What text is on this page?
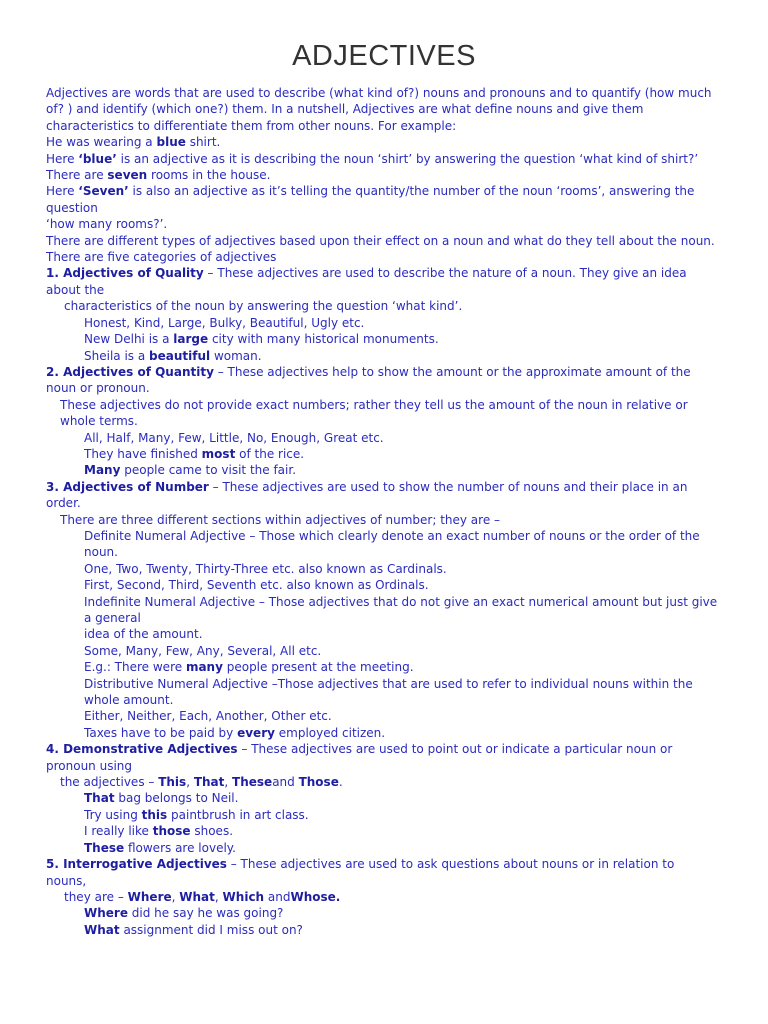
ADJECTIVES

Adjectives are words that are used to describe (what kind of?) nouns and pronouns and to quantify (how much of? ) and identify (which one?) them. In a nutshell, Adjectives are what define nouns and give them characteristics to differentiate them from other nouns. For example:

He was wearing a blue shirt.

Here ‘blue’ is an adjective as it is describing the noun ‘shirt’ by answering the question ‘what kind of shirt?’

There are seven rooms in the house.

Here ‘Seven’ is also an adjective as it’s telling the quantity/the number of the noun ‘rooms’, answering the question

‘how many rooms?’.

There are different types of adjectives based upon their effect on a noun and what do they tell about the noun.

There are five categories of adjectives

1. Adjectives of Quality – These adjectives are used to describe the nature of a noun. They give an idea about the

characteristics of the noun by answering the question ‘what kind’.

Honest, Kind, Large, Bulky, Beautiful, Ugly etc.

New Delhi is a large city with many historical monuments.

Sheila is a beautiful woman.

2. Adjectives of Quantity – These adjectives help to show the amount or the approximate amount of the noun or pronoun.

These adjectives do not provide exact numbers; rather they tell us the amount of the noun in relative or whole terms.

All, Half, Many, Few, Little, No, Enough, Great etc.

They have finished most of the rice.

Many people came to visit the fair.

3. Adjectives of Number – These adjectives are used to show the number of nouns and their place in an order.

There are three different sections within adjectives of number; they are –

Definite Numeral Adjective – Those which clearly denote an exact number of nouns or the order of the noun.

One, Two, Twenty, Thirty-Three etc. also known as Cardinals.

First, Second, Third, Seventh etc. also known as Ordinals.

Indefinite Numeral Adjective – Those adjectives that do not give an exact numerical amount but just give a general

idea of the amount.

Some, Many, Few, Any, Several, All etc.

E.g.: There were many people present at the meeting.

Distributive Numeral Adjective –Those adjectives that are used to refer to individual nouns within the whole amount.

Either, Neither, Each, Another, Other etc.

Taxes have to be paid by every employed citizen.

4. Demonstrative Adjectives – These adjectives are used to point out or indicate a particular noun or pronoun using

the adjectives – This, That, Theseand Those.

That bag belongs to Neil.

Try using this paintbrush in art class.

I really like those shoes.

These flowers are lovely.

5. Interrogative Adjectives – These adjectives are used to ask questions about nouns or in relation to nouns,

they are – Where, What, Which andWhose.

Where did he say he was going?

What assignment did I miss out on?
